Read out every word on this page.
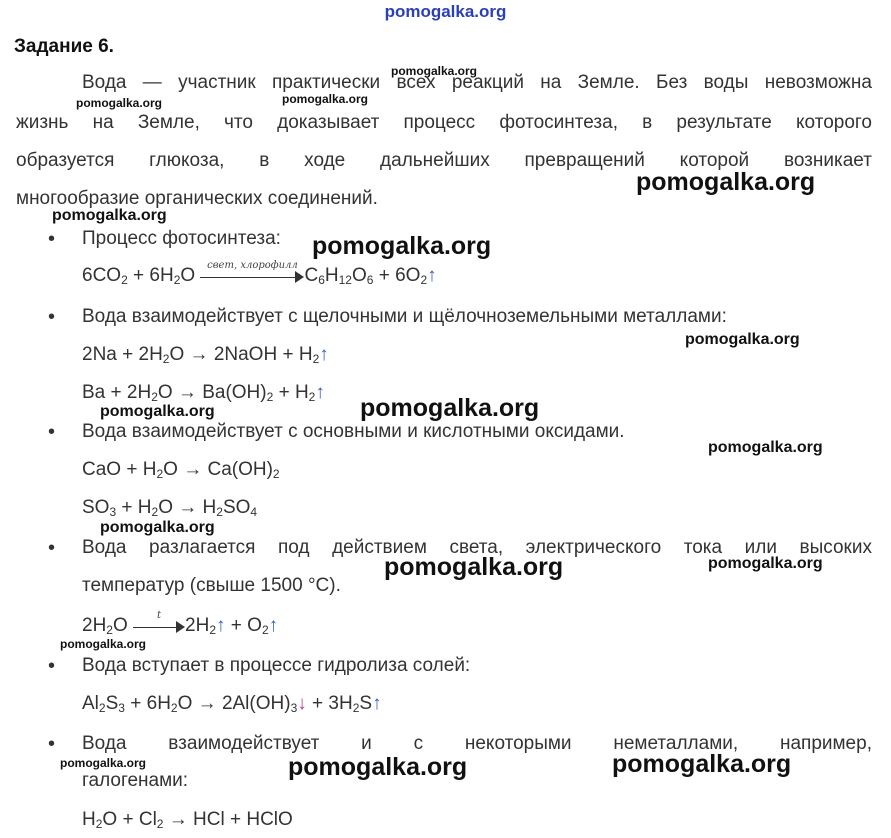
pomogalka.org
Задание 6.
Вода — участник практически всех реакций на Земле. Без воды невозможна
жизнь на Земле, что доказывает процесс фотосинтеза, в результате которого
образуется глюкоза, в ходе дальнейших превращений которой возникает
многообразие органических соединений.
• Процесс фотосинтеза:
$6CO_2 + 6H_2O$	свет, хлорофилл $C_6H_{12}O_6$ + $6O_2↑$
• Вода взаимодействует с щелочными и щёлочноземельными металлами:
$2Na + 2H_2O$ → 2NaOH + $H_2↑$
$Ba + 2H_2O \to Ba(OH)_2$ + $H_2↑$
• Вода взаимодействует с основными и кислотными оксидами.
CaO + $H_2O \to Ca(OH)_2$
$SO_3 + H_2O \to H_2SO_4$
• Вода разлагается под действием света, электрического тока или высоких
температур (свыше 1500 °C).
$2H_2O$	t	$2H_2↑$ + $O_2↑$
• Вода вступает в процессе гидролиза солей:
$Al_2S_3 + 6H_2O$ → $2Al(OH)_3↓$ + $3H_2S↑$
• Вода взаимодействует и с некоторыми неметаллами, например,
галогенами:
$H_2O + Cl_2$ → HCl + HClO
pomogalka.org
pomogalka.org	pomogalka.org
pomogalka.org
pomogalka.org
pomogalka.org
pomogalka.org
pomogalka.org	pomogalka.org
pomogalka.org
pomogalka.org
pomogalka.org	pomogalka.org
pomogalka.org
pomogalka.org	pomogalka.org	pomogalka.org
